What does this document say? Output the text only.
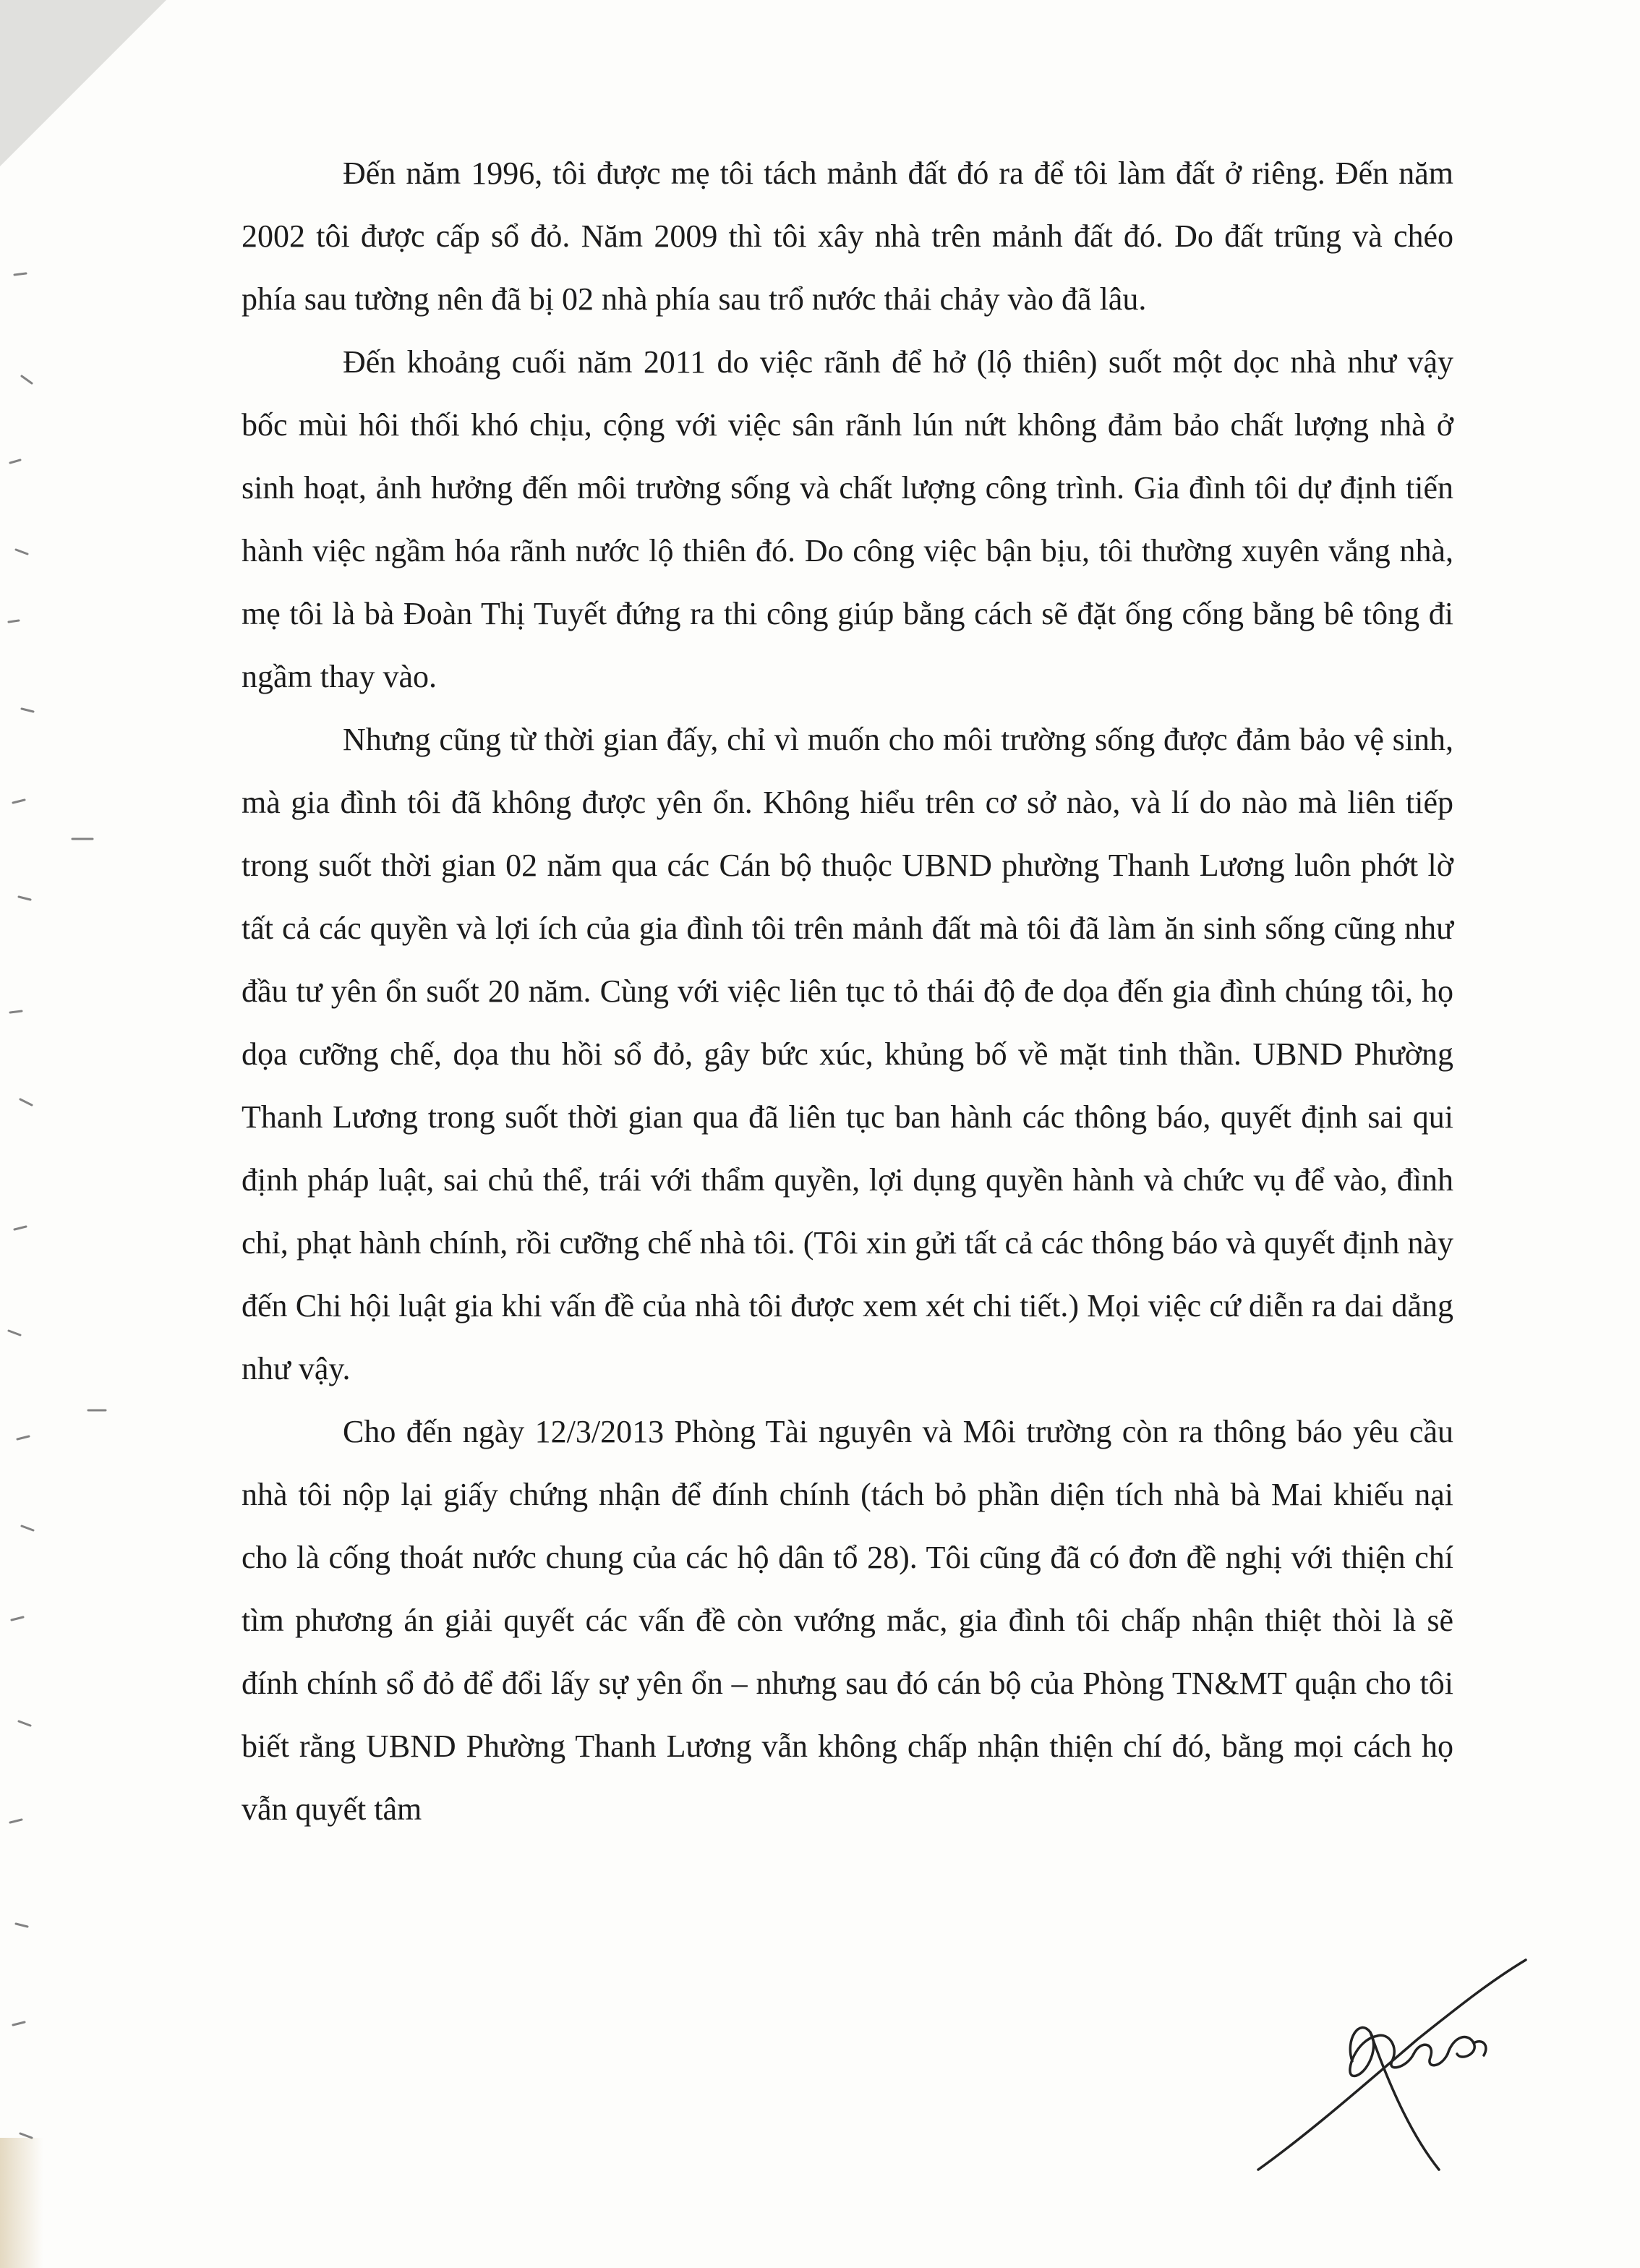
Đến năm 1996, tôi được mẹ tôi tách mảnh đất đó ra để tôi làm đất ở riêng. Đến năm 2002 tôi được cấp sổ đỏ. Năm 2009 thì tôi xây nhà trên mảnh đất đó. Do đất trũng và chéo phía sau tường nên đã bị 02 nhà phía sau trổ nước thải chảy vào đã lâu.

Đến khoảng cuối năm 2011 do việc rãnh để hở (lộ thiên) suốt một dọc nhà như vậy bốc mùi hôi thối khó chịu, cộng với việc sân rãnh lún nứt không đảm bảo chất lượng nhà ở sinh hoạt, ảnh hưởng đến môi trường sống và chất lượng công trình. Gia đình tôi dự định tiến hành việc ngầm hóa rãnh nước lộ thiên đó. Do công việc bận bịu, tôi thường xuyên vắng nhà, mẹ tôi là bà Đoàn Thị Tuyết đứng ra thi công giúp bằng cách sẽ đặt ống cống bằng bê tông đi ngầm thay vào.

Nhưng cũng từ thời gian đấy, chỉ vì muốn cho môi trường sống được đảm bảo vệ sinh, mà gia đình tôi đã không được yên ổn. Không hiểu trên cơ sở nào, và lí do nào mà liên tiếp trong suốt thời gian 02 năm qua các Cán bộ thuộc UBND phường Thanh Lương luôn phớt lờ tất cả các quyền và lợi ích của gia đình tôi trên mảnh đất mà tôi đã làm ăn sinh sống cũng như đầu tư yên ổn suốt 20 năm. Cùng với việc liên tục tỏ thái độ đe dọa đến gia đình chúng tôi, họ dọa cưỡng chế, dọa thu hồi sổ đỏ, gây bức xúc, khủng bố về mặt tinh thần. UBND Phường Thanh Lương trong suốt thời gian qua đã liên tục ban hành các thông báo, quyết định sai qui định pháp luật, sai chủ thể, trái với thẩm quyền, lợi dụng quyền hành và chức vụ để vào, đình chỉ, phạt hành chính, rồi cưỡng chế nhà tôi. (Tôi xin gửi tất cả các thông báo và quyết định này đến Chi hội luật gia khi vấn đề của nhà tôi được xem xét chi tiết.) Mọi việc cứ diễn ra dai dẳng như vậy.

Cho đến ngày 12/3/2013 Phòng Tài nguyên và Môi trường còn ra thông báo yêu cầu nhà tôi nộp lại giấy chứng nhận để đính chính (tách bỏ phần diện tích nhà bà Mai khiếu nại cho là cống thoát nước chung của các hộ dân tổ 28). Tôi cũng đã có đơn đề nghị với thiện chí tìm phương án giải quyết các vấn đề còn vướng mắc, gia đình tôi chấp nhận thiệt thòi là sẽ đính chính sổ đỏ để đổi lấy sự yên ổn – nhưng sau đó cán bộ của Phòng TN&MT quận cho tôi biết rằng UBND Phường Thanh Lương vẫn không chấp nhận thiện chí đó, bằng mọi cách họ vẫn quyết tâm
